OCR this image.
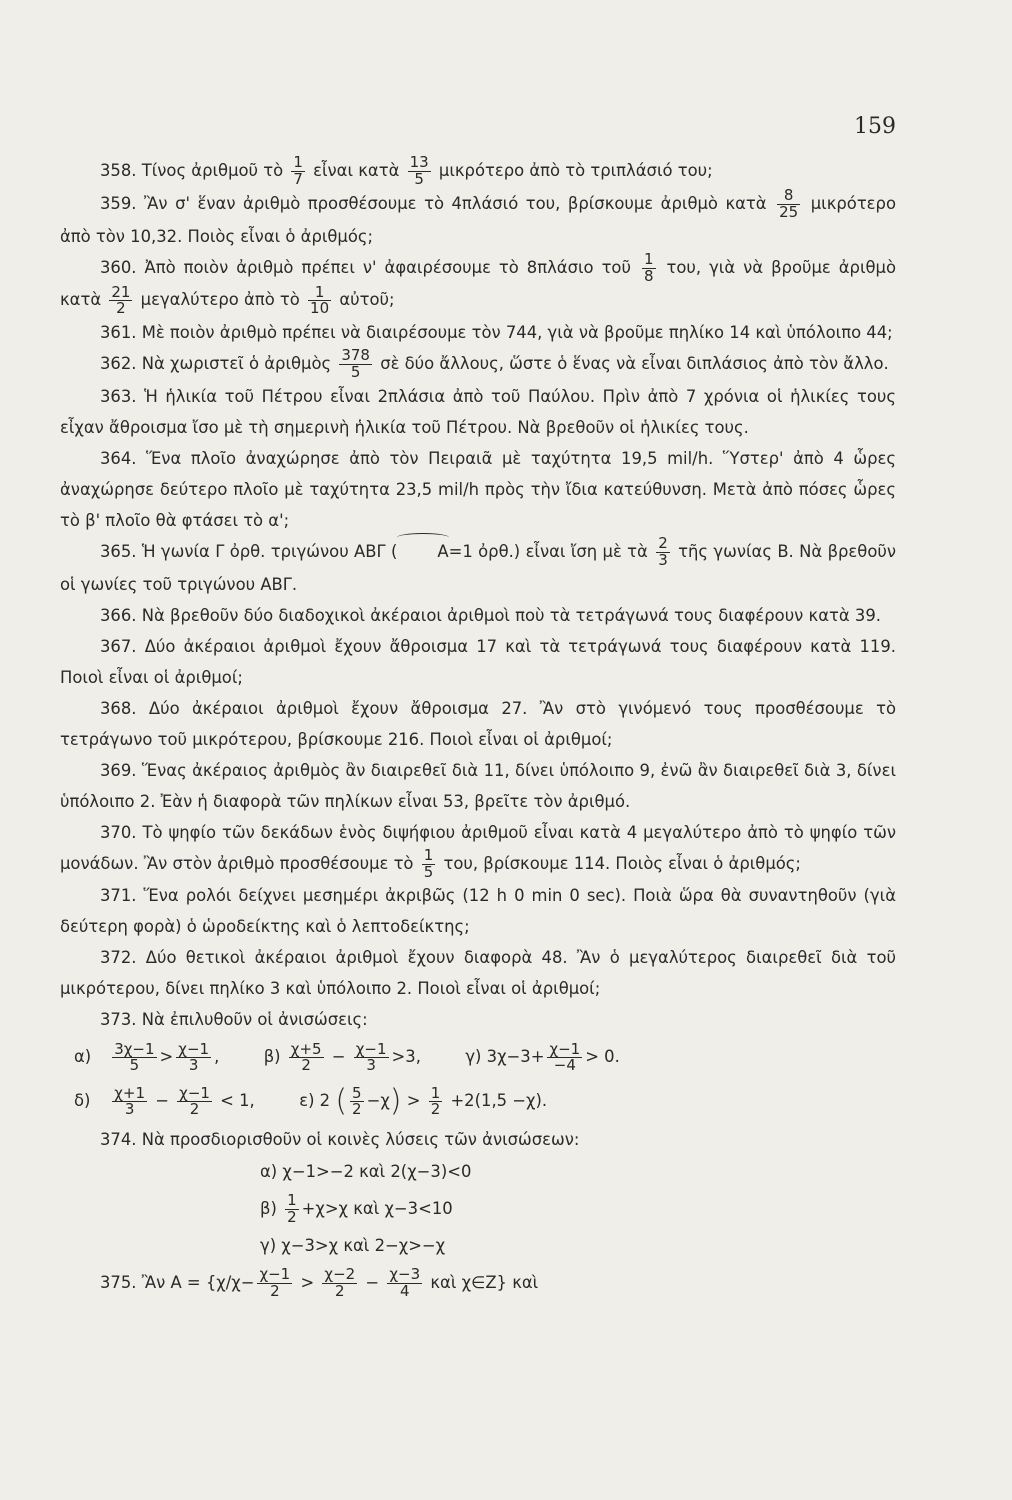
159
358. Τίνος ἀριθμοῦ τὸ $\frac{1}{7}$ εἶναι κατὰ $\frac{13}{5}$ μικρότερο ἀπὸ τὸ τριπλάσιό του;
359. Ἂν σ' ἕναν ἀριθμὸ προσθέσουμε τὸ 4πλάσιό του, βρίσκουμε ἀριθμὸ κατὰ $\frac{8}{25}$ μικρότερο ἀπὸ τὸν 10,32. Ποιὸς εἶναι ὁ ἀριθμός;
360. Ἀπὸ ποιὸν ἀριθμὸ πρέπει ν' ἀφαιρέσουμε τὸ 8πλάσιο τοῦ $\frac{1}{8} \tau o\upsilon$, γιὰ νὰ βροῦμε ἀριθμὸ κατὰ $\frac{21}{2}$ μεγαλύτερο ἀπὸ τὸ $\frac{1}{10}$ αὐτοῦ;
361. Μὲ ποιὸν ἀριθμὸ πρέπει νὰ διαιρέσουμε τὸν 744, γιὰ νὰ βροῦμε πηλίκο 14 καὶ ὑπόλοιπο 44;
362. Νὰ χωριστεῖ ὁ ἀριθμὸς $\frac{378}{5}$ σὲ δύο ἄλλους, ὥστε ὁ ἕνας νὰ εἶναι διπλάσιος ἀπὸ τὸν ἄλλο.
363. Ἡ ἡλικία τοῦ Πέτρου εἶναι 2πλάσια ἀπὸ τοῦ Παύλου. Πρὶν ἀπὸ 7 χρόνια οἱ ἡλικίες τους εἶχαν ἄθροισμα ἴσο μὲ τὴ σημερινὴ ἡλικία τοῦ Πέτρου. Νὰ βρεθοῦν οἱ ἡλικίες τους.
364. Ἕνα πλοῖο ἀναχώρησε ἀπὸ τὸν Πειραιᾶ μὲ ταχύτητα 19,5 mil/h. Ὕστερ' ἀπὸ 4 ὧρες ἀναχώρησε δεύτερο πλοῖο μὲ ταχύτητα 23,5 mil/h πρὸς τὴν ἴδια κατεύθυνση. Μετὰ ἀπὸ πόσες ὧρες τὸ β' πλοῖο θὰ φτάσει τὸ α';
365. Ἡ γωνία Γ ὀρθ. τριγώνου ΑΒΓ ( Α=1 ὀρθ.) εἶναι ἴση μὲ τὰ $\frac{2}{3}$ τῆς γωνίας Β. Νὰ βρεθοῦν οἱ γωνίες τοῦ τριγώνου ΑΒΓ.
366. Νὰ βρεθοῦν δύο διαδοχικοὶ ἀκέραιοι ἀριθμοὶ ποὺ τὰ τετράγωνά τους διαφέρουν κατὰ 39.
367. Δύο ἀκέραιοι ἀριθμοὶ ἔχουν ἄθροισμα 17 καὶ τὰ τετράγωνά τους διαφέρουν κατὰ 119. Ποιοὶ εἶναι οἱ ἀριθμοί;
368. Δύο ἀκέραιοι ἀριθμοὶ ἔχουν ἄθροισμα 27. Ἂν στὸ γινόμενό τους προσθέσουμε τὸ τετράγωνο τοῦ μικρότερου, βρίσκουμε 216. Ποιοὶ εἶναι οἱ ἀριθμοί;
369. Ἕνας ἀκέραιος ἀριθμὸς ἂν διαιρεθεῖ διὰ 11, δίνει ὑπόλοιπο 9, ἐνῶ ἂν διαιρεθεῖ διὰ 3, δίνει ὑπόλοιπο 2. Ἐὰν ἡ διαφορὰ τῶν πηλίκων εἶναι 53, βρεῖτε τὸν ἀριθμό.
370. Τὸ ψηφίο τῶν δεκάδων ἑνὸς διψήφιου ἀριθμοῦ εἶναι κατὰ 4 μεγαλύτερο ἀπὸ τὸ ψηφίο τῶν μονάδων. Ἂν στὸν ἀριθμὸ προσθέσουμε τὸ $\frac{1}{5} \tau o\upsilon$, βρίσκουμε 114. Ποιὸς εἶναι ὁ ἀριθμός;
371. Ἕνα ρολόι δείχνει μεσημέρι ἀκριβῶς (12 h 0 min 0 sec). Ποιὰ ὥρα θὰ συναντηθοῦν (γιὰ δεύτερη φορὰ) ὁ ὡροδείκτης καὶ ὁ λεπτοδείκτης;
372. Δύο θετικοὶ ἀκέραιοι ἀριθμοὶ ἔχουν διαφορὰ 48. Ἂν ὁ μεγαλύτερος διαιρεθεῖ διὰ τοῦ μικρότερου, δίνει πηλίκο 3 καὶ ὑπόλοιπο 2. Ποιοὶ εἶναι οἱ ἀριθμοί;
373. Νὰ ἐπιλυθοῦν οἱ ἀνισώσεις:

$\alpha) \frac{3\chi-1}{5} > \frac{\chi-1}{3}$ ,	$\beta) \frac{\chi+5}{2} - \frac{\chi-1}{3} >3$,	γ) $3\chi-3+ \frac{\chi-1}{-4} > 0$.

$\delta) \frac{\chi+1}{3} - \frac{\chi-1}{2} < 1$,	ε) 2 ( $\frac{5}{2} -\chi) > \frac{1}{2} +2(1,5 -\chi)$.

374. Νὰ προσδιορισθοῦν οἱ κοινὲς λύσεις τῶν ἀνισώσεων:

α) χ−1>−2 καὶ 2(χ−3)<0

$\beta) \frac{1}{2} +\chi>\chi$ καὶ χ−3<10

γ) χ−3>χ καὶ 2−χ>−χ

375. Ἂν $A = \{\chi/\chi- \frac{\chi-1}{2} > \frac{\chi-2}{2} - \frac{\chi-3}{4}$ καὶ χ∈Ζ} καὶ
